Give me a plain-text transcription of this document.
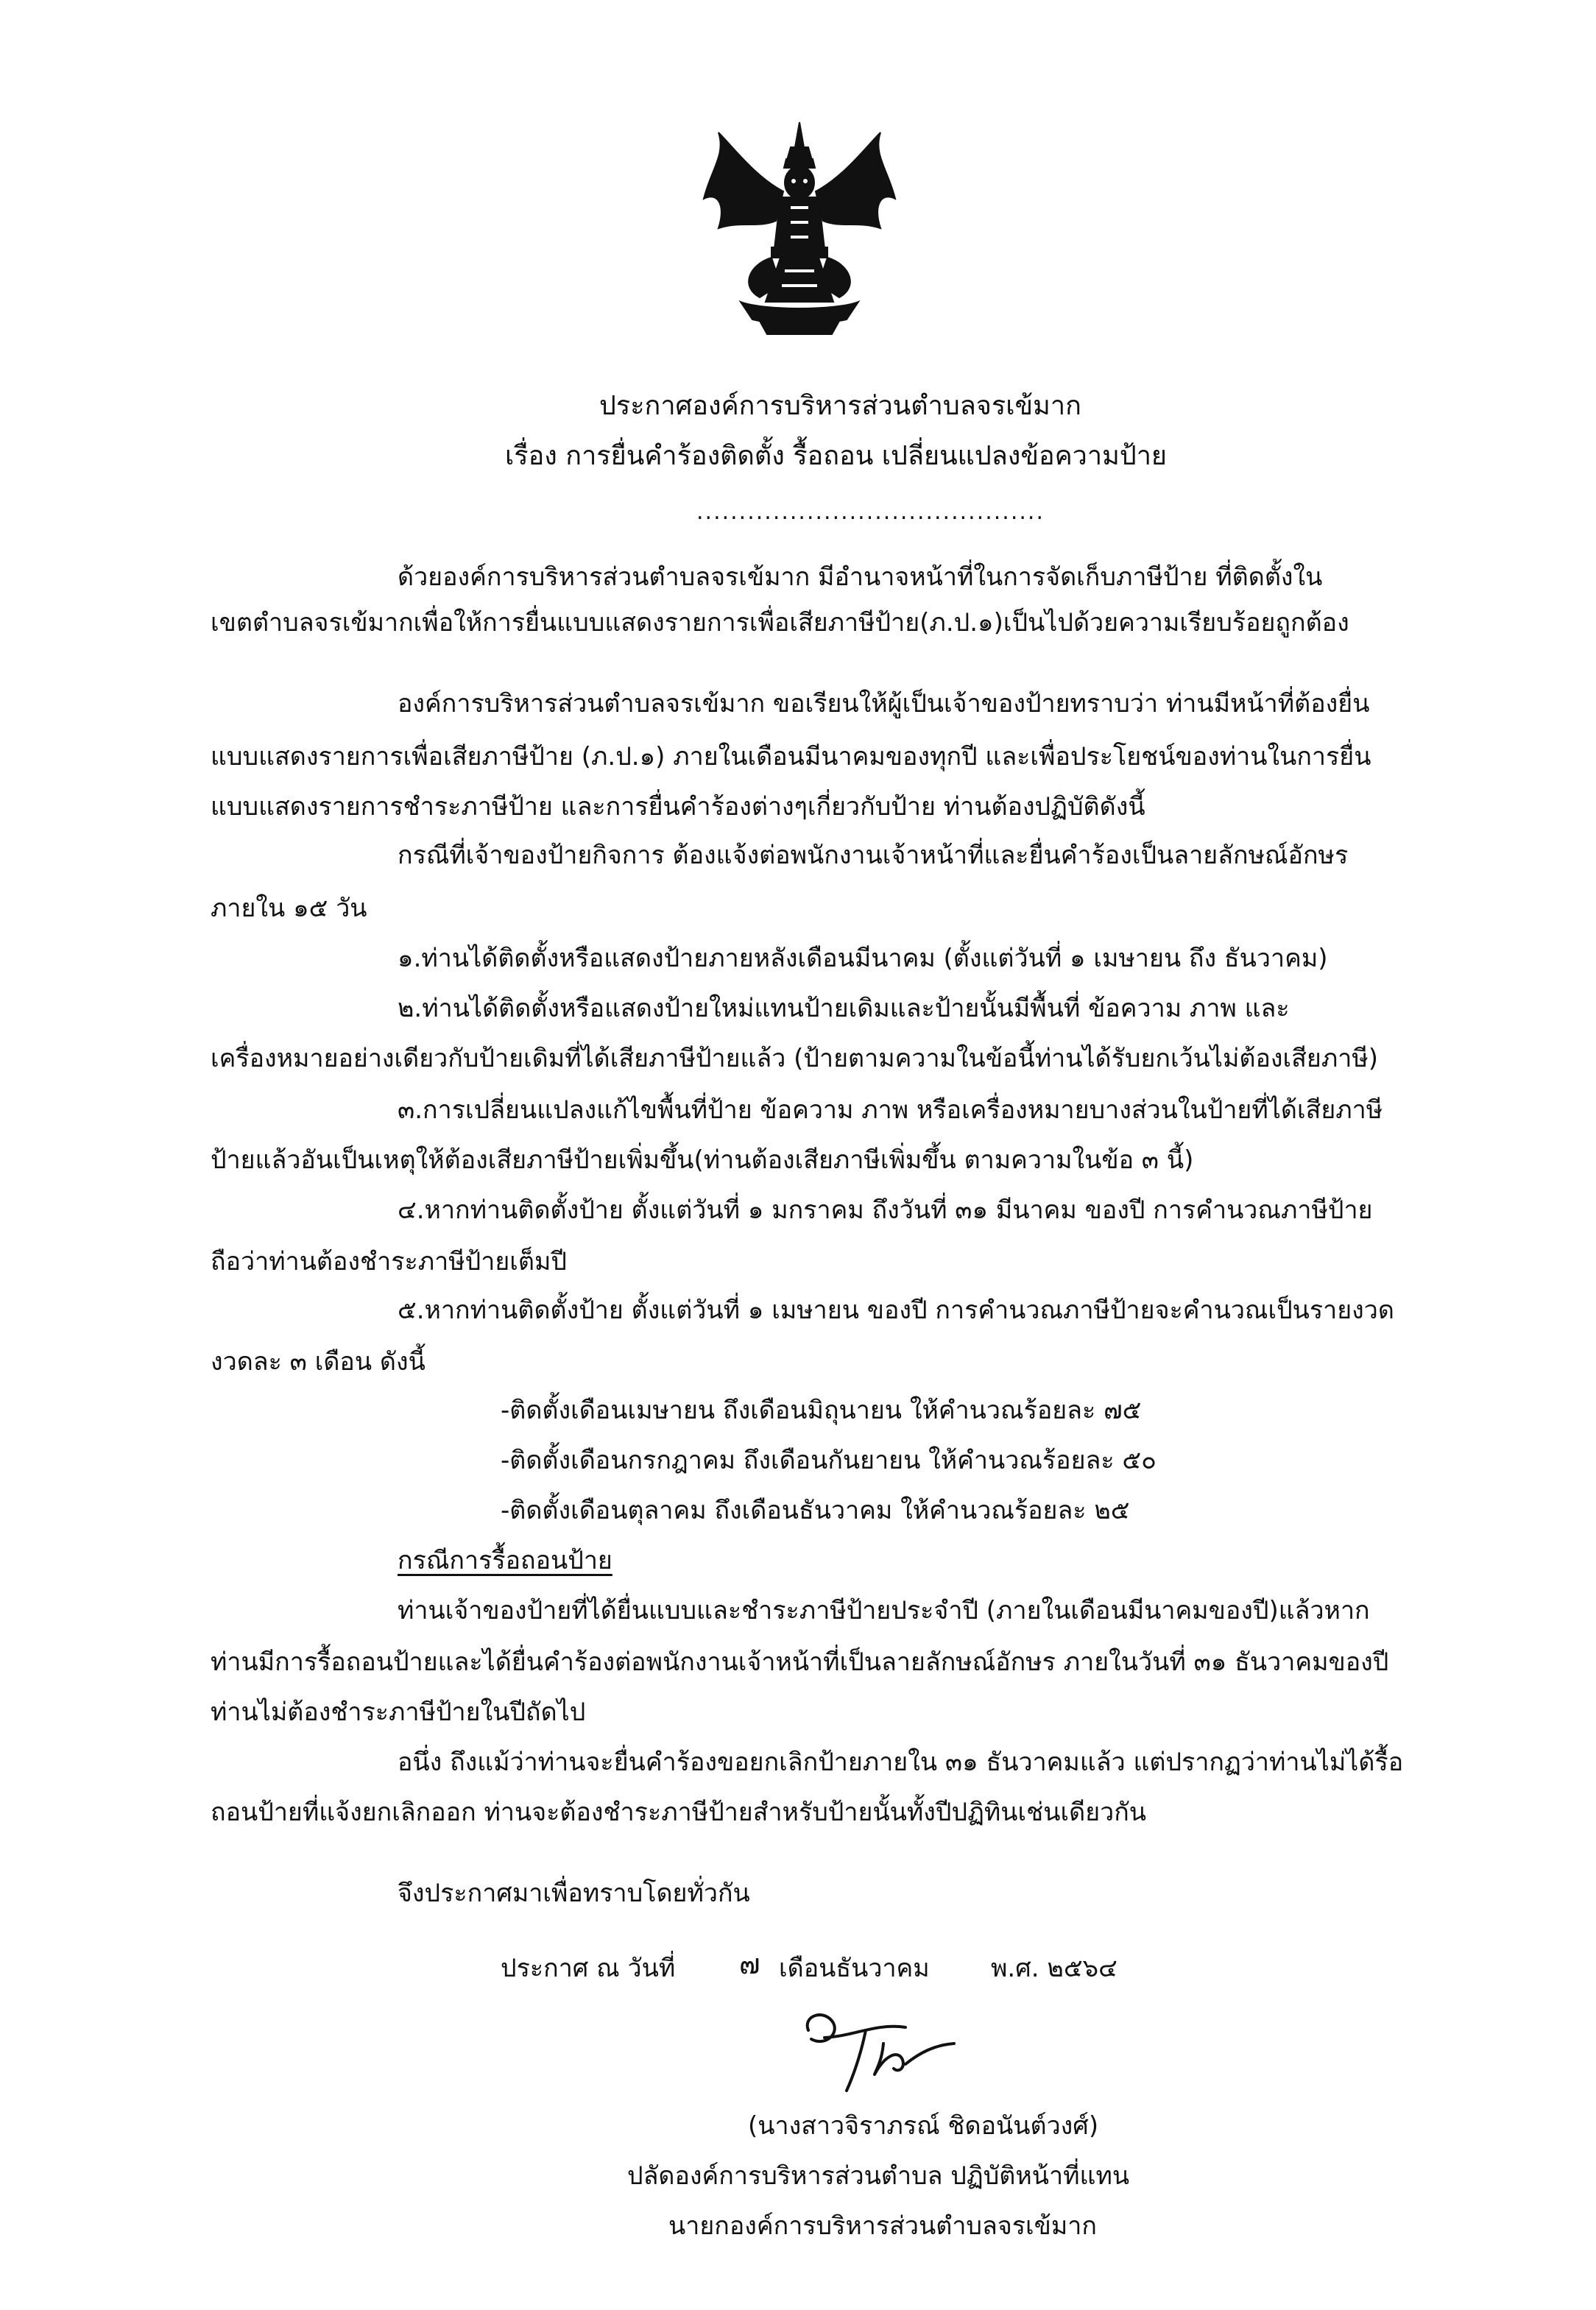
ประกาศองค์การบริหารส่วนตำบลจรเข้มาก
เรื่อง การยื่นคำร้องติดตั้ง รื้อถอน เปลี่ยนแปลงข้อความป้าย
.........................................
ด้วยองค์การบริหารส่วนตำบลจรเข้มาก มีอำนาจหน้าที่ในการจัดเก็บภาษีป้าย ที่ติดตั้งใน
เขตตำบลจรเข้มากเพื่อให้การยื่นแบบแสดงรายการเพื่อเสียภาษีป้าย(ภ.ป.๑)เป็นไปด้วยความเรียบร้อยถูกต้อง
องค์การบริหารส่วนตำบลจรเข้มาก ขอเรียนให้ผู้เป็นเจ้าของป้ายทราบว่า ท่านมีหน้าที่ต้องยื่น
แบบแสดงรายการเพื่อเสียภาษีป้าย (ภ.ป.๑) ภายในเดือนมีนาคมของทุกปี และเพื่อประโยชน์ของท่านในการยื่น
แบบแสดงรายการชำระภาษีป้าย และการยื่นคำร้องต่างๆเกี่ยวกับป้าย ท่านต้องปฏิบัติดังนี้
กรณีที่เจ้าของป้ายกิจการ ต้องแจ้งต่อพนักงานเจ้าหน้าที่และยื่นคำร้องเป็นลายลักษณ์อักษร
ภายใน ๑๕ วัน
๑.ท่านได้ติดตั้งหรือแสดงป้ายภายหลังเดือนมีนาคม (ตั้งแต่วันที่ ๑ เมษายน ถึง ธันวาคม)
๒.ท่านได้ติดตั้งหรือแสดงป้ายใหม่แทนป้ายเดิมและป้ายนั้นมีพื้นที่ ข้อความ ภาพ และ
เครื่องหมายอย่างเดียวกับป้ายเดิมที่ได้เสียภาษีป้ายแล้ว (ป้ายตามความในข้อนี้ท่านได้รับยกเว้นไม่ต้องเสียภาษี)
๓.การเปลี่ยนแปลงแก้ไขพื้นที่ป้าย ข้อความ ภาพ หรือเครื่องหมายบางส่วนในป้ายที่ได้เสียภาษี
ป้ายแล้วอันเป็นเหตุให้ต้องเสียภาษีป้ายเพิ่มขึ้น(ท่านต้องเสียภาษีเพิ่มขึ้น ตามความในข้อ ๓ นี้)
๔.หากท่านติดตั้งป้าย ตั้งแต่วันที่ ๑ มกราคม ถึงวันที่ ๓๑ มีนาคม ของปี การคำนวณภาษีป้าย
ถือว่าท่านต้องชำระภาษีป้ายเต็มปี
๕.หากท่านติดตั้งป้าย ตั้งแต่วันที่ ๑ เมษายน ของปี การคำนวณภาษีป้ายจะคำนวณเป็นรายงวด
งวดละ ๓ เดือน ดังนี้
-ติดตั้งเดือนเมษายน ถึงเดือนมิถุนายน ให้คำนวณร้อยละ ๗๕
-ติดตั้งเดือนกรกฎาคม ถึงเดือนกันยายน ให้คำนวณร้อยละ ๕๐
-ติดตั้งเดือนตุลาคม ถึงเดือนธันวาคม ให้คำนวณร้อยละ ๒๕
กรณีการรื้อถอนป้าย
ท่านเจ้าของป้ายที่ได้ยื่นแบบและชำระภาษีป้ายประจำปี (ภายในเดือนมีนาคมของปี)แล้วหาก
ท่านมีการรื้อถอนป้ายและได้ยื่นคำร้องต่อพนักงานเจ้าหน้าที่เป็นลายลักษณ์อักษร ภายในวันที่ ๓๑ ธันวาคมของปี
ท่านไม่ต้องชำระภาษีป้ายในปีถัดไป
อนึ่ง ถึงแม้ว่าท่านจะยื่นคำร้องขอยกเลิกป้ายภายใน ๓๑ ธันวาคมแล้ว แต่ปรากฏว่าท่านไม่ได้รื้อ
ถอนป้ายที่แจ้งยกเลิกออก ท่านจะต้องชำระภาษีป้ายสำหรับป้ายนั้นทั้งปีปฏิทินเช่นเดียวกัน
จึงประกาศมาเพื่อทราบโดยทั่วกัน
ประกาศ ณ วันที่ ๗ เดือนธันวาคม พ.ศ. ๒๕๖๔
(นางสาวจิราภรณ์ ชิดอนันต์วงศ์)
ปลัดองค์การบริหารส่วนตำบล ปฏิบัติหน้าที่แทน
นายกองค์การบริหารส่วนตำบลจรเข้มาก
